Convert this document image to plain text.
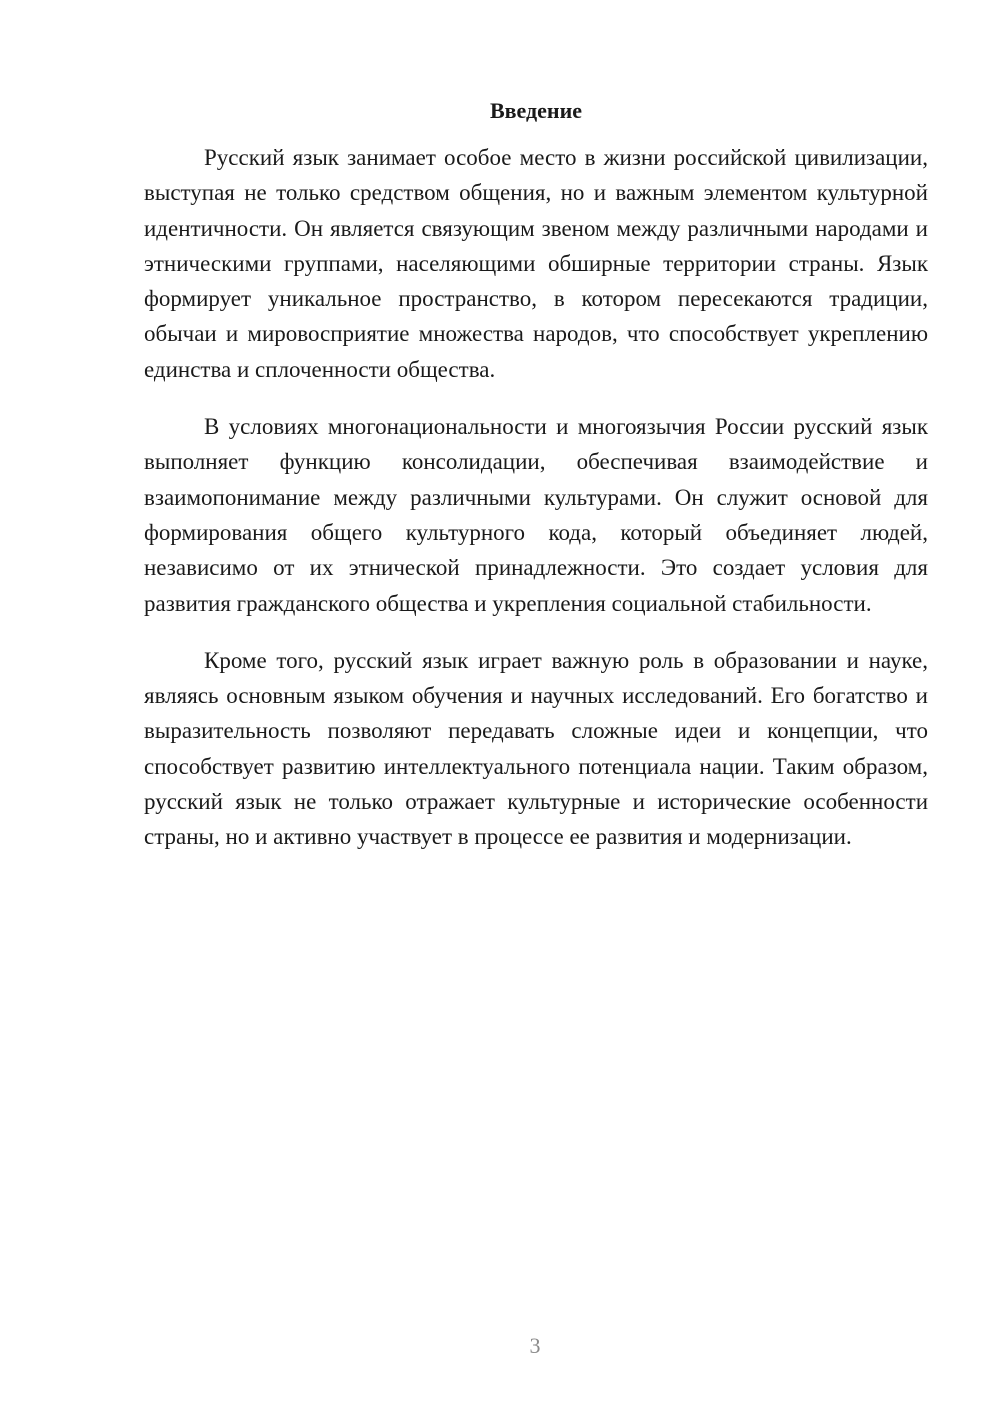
Введение

Русский язык занимает особое место в жизни российской цивилизации, выступая не только средством общения, но и важным элементом культурной идентичности. Он является связующим звеном между различными народами и этническими группами, населяющими обширные территории страны. Язык формирует уникальное пространство, в котором пересекаются традиции, обычаи и мировосприятие множества народов, что способствует укреплению единства и сплоченности общества.

В условиях многонациональности и многоязычия России русский язык выполняет функцию консолидации, обеспечивая взаимодействие и взаимопонимание между различными культурами. Он служит основой для формирования общего культурного кода, который объединяет людей, независимо от их этнической принадлежности. Это создает условия для развития гражданского общества и укрепления социальной стабильности.

Кроме того, русский язык играет важную роль в образовании и науке, являясь основным языком обучения и научных исследований. Его богатство и выразительность позволяют передавать сложные идеи и концепции, что способствует развитию интеллектуального потенциала нации. Таким образом, русский язык не только отражает культурные и исторические особенности страны, но и активно участвует в процессе ее развития и модернизации.

3
